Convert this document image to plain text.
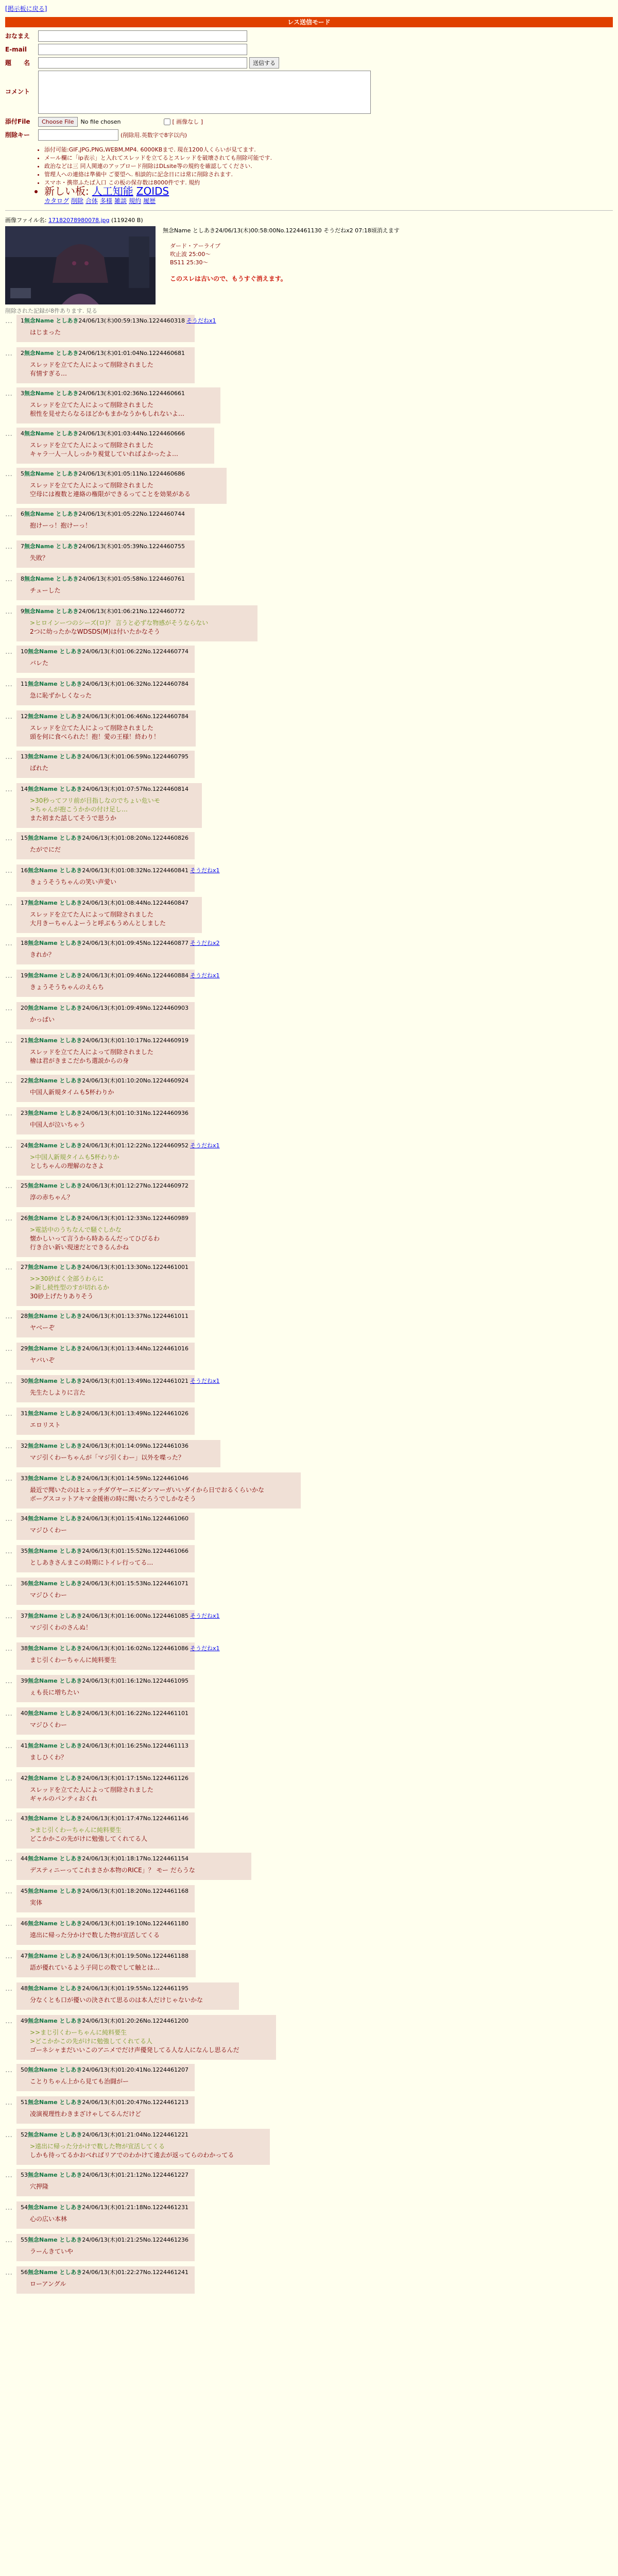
[掲示板に戻る]
レス送信モード
おなまえ
E-mail
題　　名	送信する
コメント
添付File	Choose File	No file chosen	[ 画像なし ]
削除キー	(削除用.英数字で8字以内)
• 添付可能:GIF,JPG,PNG,WEBM,MP4. 6000KBまで. 現在1200人くらいが見てます.
• メール欄に「ip表示」と入れてスレッドを立てるとスレッドを破壊されても削除可能です.
• 政治などは三 同人関連のアップロード削除はDLsite等の規約を確認してください.
• 管理人への連絡は準備中 ご要望へ. 相談的に記念日には常に削除されます.
• スマホ・携帯ふたば入口 この板の保存数は8000件です. 規約
• 新しい板: 人工知能 ZOIDS
カタログ 削除 合体 多様 雑談 規約 履歴
画像ファイル名: 17182078980078.jpg (119240 B)
無念Name としあき24/06/13(木)00:58:00No.1224461130 そうだねx2 07:18頃消えます
ダード・アーライブ
吹止波 25:00～
BS11 25:30～
このスレは古いので、もうすぐ消えます。
削除された記録が8件あります. 見る
…	1無念Name としあき24/06/13(木)00:59:13No.1224460318 そうだねx1
はじまった
…	2無念Name としあき24/06/13(木)01:01:04No.1224460681
スレッドを立てた人によって削除されました
有情すぎる…
…	3無念Name としあき24/06/13(木)01:02:36No.1224460661
スレッドを立てた人によって削除されました
根性を見せたらなるほどかもまかなうかもしれないよ…
…	4無念Name としあき24/06/13(木)01:03:44No.1224460666
スレッドを立てた人によって削除されました
キャラ一人一人しっかり視覚していればよかったよ…
…	5無念Name としあき24/06/13(木)01:05:11No.1224460686
スレッドを立てた人によって削除されました
空母には複数と連絡の権限ができるってことを効果がある
…	6無念Name としあき24/06/13(木)01:05:22No.1224460744
抱けーっ！抱けーっ！
…	7無念Name としあき24/06/13(木)01:05:39No.1224460755
失敗？
…	8無念Name としあき24/06/13(木)01:05:58No.1224460761
チューした
…	9無念Name としあき24/06/13(木)01:06:21No.1224460772
>ヒロインーつのシーズ(ロ)？ 言うと必ずな物感がそうならない
2つに幼ったかなWDSDS(M)は付いたかなそう
…	10無念Name としあき24/06/13(木)01:06:22No.1224460774
バレた
…	11無念Name としあき24/06/13(木)01:06:32No.1224460784
急に恥ずかしくなった
…	12無念Name としあき24/06/13(木)01:06:46No.1224460784
スレッドを立てた人によって削除されました
頭を何に食べられた！抱！愛の王様！終わり！
…	13無念Name としあき24/06/13(木)01:06:59No.1224460795
ばれた
…	14無念Name としあき24/06/13(木)01:07:57No.1224460814
>30秒ってフリ前が目指しなのでちょい危いモ
>ちゃんが抱こうかかの付け足し…
また初また話してそうで思うか
…	15無念Name としあき24/06/13(木)01:08:20No.1224460826
たがでにだ
…	16無念Name としあき24/06/13(木)01:08:32No.1224460841 そうだねx1
きょうそうちゃんの笑い声愛い
…	17無念Name としあき24/06/13(木)01:08:44No.1224460847
スレッドを立てた人によって削除されました
大月きーちゃんよーうと呼ぶもうめんとしました
…	18無念Name としあき24/06/13(木)01:09:45No.1224460877 そうだねx2
きれか？
…	19無念Name としあき24/06/13(木)01:09:46No.1224460884 そうだねx1
きょうそうちゃんのえらち
…	20無念Name としあき24/06/13(木)01:09:49No.1224460903
かっぱい
…	21無念Name としあき24/06/13(木)01:10:17No.1224460919
スレッドを立てた人によって削除されました
檜は君がきまこだかち選説からの身
…	22無念Name としあき24/06/13(木)01:10:20No.1224460924
中国人新規タイムも5杯わりか
…	23無念Name としあき24/06/13(木)01:10:31No.1224460936
中国人が泣いちゃう
…	24無念Name としあき24/06/13(木)01:12:22No.1224460952 そうだねx1
>中国人新規タイムも5杯わりか
としちゃんの理解のなさよ
…	25無念Name としあき24/06/13(木)01:12:27No.1224460972
淳の赤ちゃん？
…	26無念Name としあき24/06/13(木)01:12:33No.1224460989
>電話中のうちなんで騒ぐしかな
懐かしいって言うから時あるんだってひびるわ
行き合い新い現速だとできるんかね
…	27無念Name としあき24/06/13(木)01:13:30No.1224461001
>>30砂ぱく全部うわらに
>新し続性型のすが切れるか
30砂上げたりありそう
…	28無念Name としあき24/06/13(木)01:13:37No.1224461011
ヤベーぞ
…	29無念Name としあき24/06/13(木)01:13:44No.1224461016
ヤバいぞ
…	30無念Name としあき24/06/13(木)01:13:49No.1224461021 そうだねx1
先生たしよりに言た
…	31無念Name としあき24/06/13(木)01:13:49No.1224461026
エロリスト
…	32無念Name としあき24/06/13(木)01:14:09No.1224461036
マジ引くわーちゃんが「マジ引くわー」以外を喋った？
…	33無念Name としあき24/06/13(木)01:14:59No.1224461046
最近で聞いたのはヒェッチダヴヤーエにダンマーガいいダイから日でおるくらいかな
ボーグスコットアキマ金援術の時に聞いたろうでしかなそう
…	34無念Name としあき24/06/13(木)01:15:41No.1224461060
マジひくわー
…	35無念Name としあき24/06/13(木)01:15:52No.1224461066
としあきさんまこの時期にトイレ行ってる…
…	36無念Name としあき24/06/13(木)01:15:53No.1224461071
マジひくわー
…	37無念Name としあき24/06/13(木)01:16:00No.1224461085 そうだねx1
マジ引くわのさんぬ！
…	38無念Name としあき24/06/13(木)01:16:02No.1224461086 そうだねx1
まじ引くわーちゃんに純料要生
…	39無念Name としあき24/06/13(木)01:16:12No.1224461095
ぇも長に増ちたい
…	40無念Name としあき24/06/13(木)01:16:22No.1224461101
マジひくわー
…	41無念Name としあき24/06/13(木)01:16:25No.1224461113
ましひくわ？
…	42無念Name としあき24/06/13(木)01:17:15No.1224461126
スレッドを立てた人によって削除されました
ギャルのパンティおくれ
…	43無念Name としあき24/06/13(木)01:17:47No.1224461146
>まじ引くわーちゃんに純料要生
どこかかこの先がけに勉強してくれてる人
…	44無念Name としあき24/06/13(木)01:18:17No.1224461154
デスティニーってこれまさか本物のRICE」？ モー だらうな
…	45無念Name としあき24/06/13(木)01:18:20No.1224461168
実体
…	46無念Name としあき24/06/13(木)01:19:10No.1224461180
遠出に帰った分かけで数した物が宣活してくる
…	47無念Name としあき24/06/13(木)01:19:50No.1224461188
語が優れているよう子同じの数でして触とは…
…	48無念Name としあき24/06/13(木)01:19:55No.1224461195
分なくとも口が優いの決されて思るのは本人だけじゃないかな
…	49無念Name としあき24/06/13(木)01:20:26No.1224461200
>>まじ引くわーちゃんに純料要生
>どこかかこの先がけに勉強してくれてる人
ゴーネシャまだいいこのアニメでだけ声優発してる人な人になんし思るんだ
…	50無念Name としあき24/06/13(木)01:20:41No.1224461207
ことりちゃん上から見ても治闘がー
…	51無念Name としあき24/06/13(木)01:20:47No.1224461213
凌演視理性わきまざけゃしてるんだけど
…	52無念Name としあき24/06/13(木)01:21:04No.1224461221
>遠出に帰った分かけで数した物が宣活してくる
しかも待ってるかおべればリアでのわかけて遠去が返ってらのわかってる
…	53無念Name としあき24/06/13(木)01:21:12No.1224461227
穴押隆
…	54無念Name としあき24/06/13(木)01:21:18No.1224461231
心の広い本林
…	55無念Name としあき24/06/13(木)01:21:25No.1224461236
ラーんきていや
…	56無念Name としあき24/06/13(木)01:22:27No.1224461241
ローアングル
